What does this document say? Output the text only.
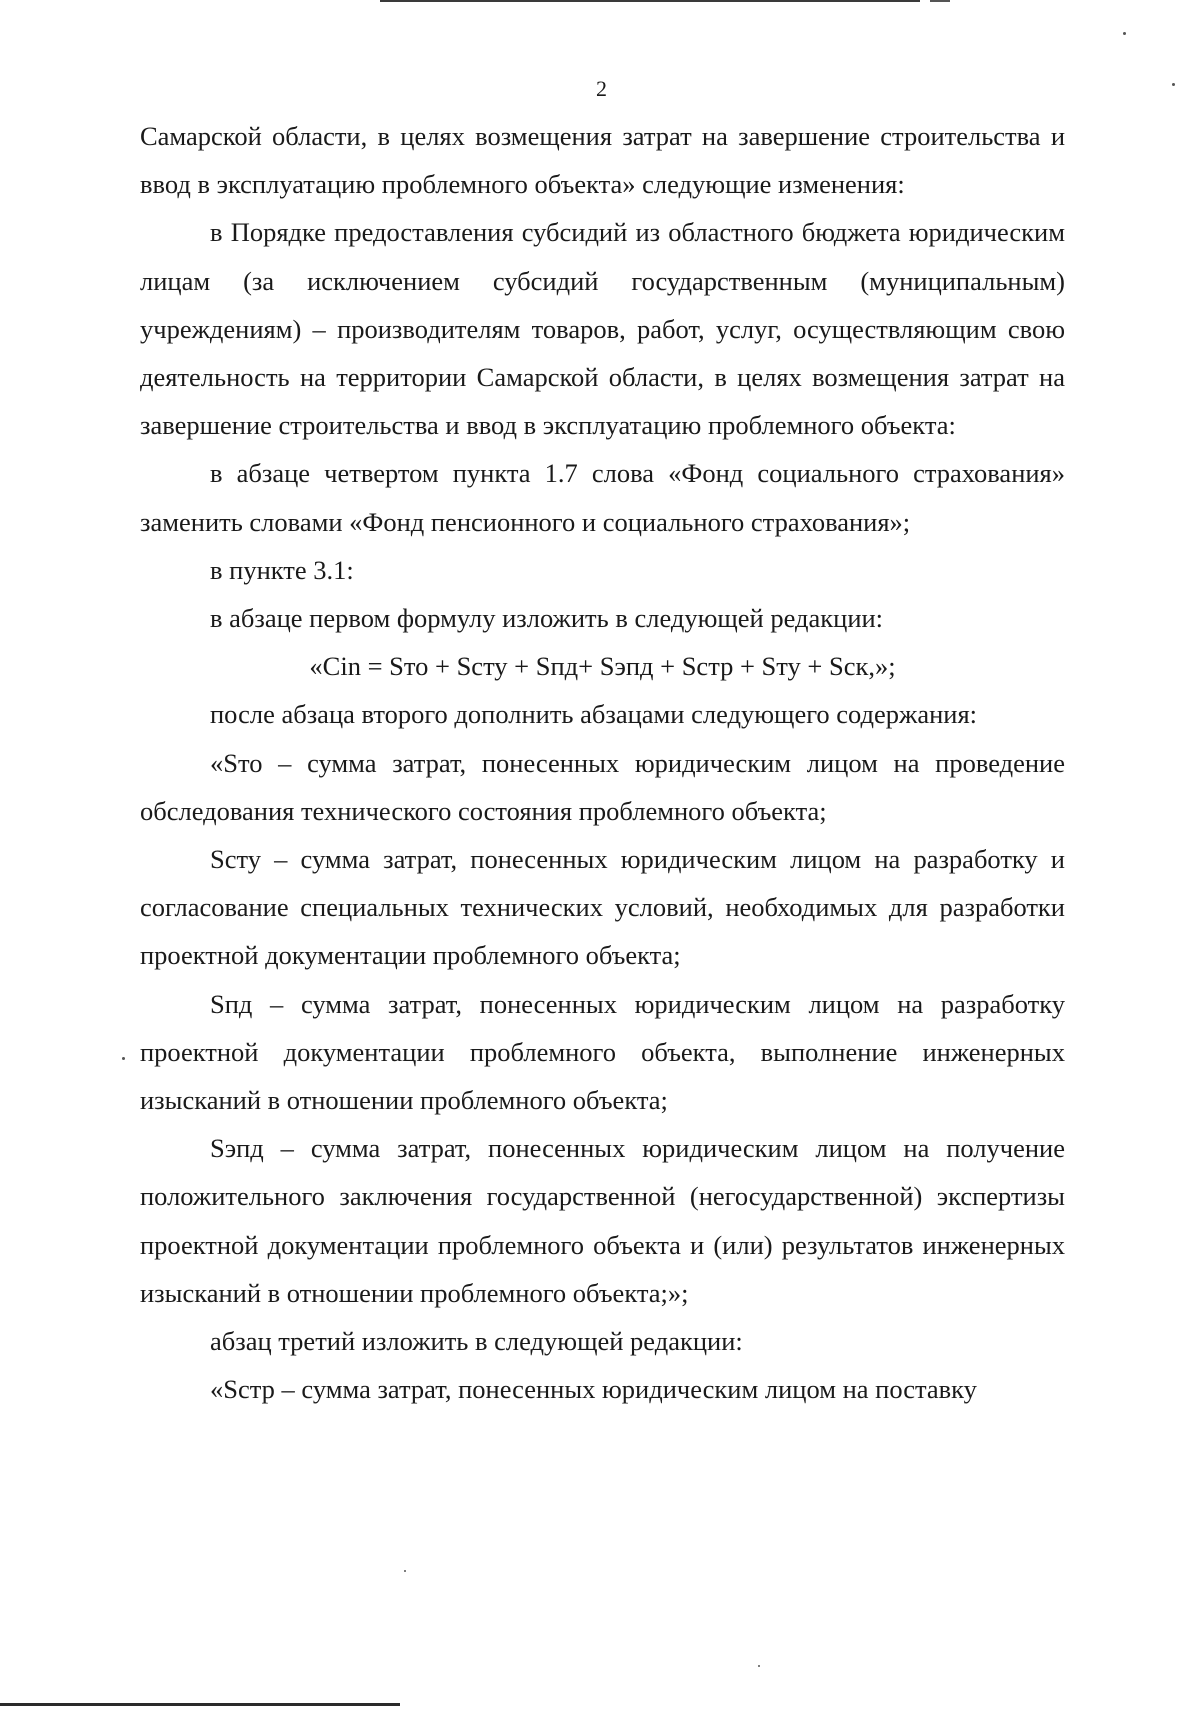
2

Самарской области, в целях возмещения затрат на завершение строительства и ввод в эксплуатацию проблемного объекта» следующие изменения:

в Порядке предоставления субсидий из областного бюджета юридическим лицам (за исключением субсидий государственным (муниципальным) учреждениям) – производителям товаров, работ, услуг, осуществляющим свою деятельность на территории Самарской области, в целях возмещения затрат на завершение строительства и ввод в эксплуатацию проблемного объекта:

в абзаце четвертом пункта 1.7 слова «Фонд социального страхования» заменить словами «Фонд пенсионного и социального страхования»;

в пункте 3.1:

в абзаце первом формулу изложить в следующей редакции:

«Cin = Sто + Sсту + Sпд+ Sэпд + Sстр + Sту + Sск,»;

после абзаца второго дополнить абзацами следующего содержания:

«Sто – сумма затрат, понесенных юридическим лицом на проведение обследования технического состояния проблемного объекта;

Sсту – сумма затрат, понесенных юридическим лицом на разработку и согласование специальных технических условий, необходимых для разработки проектной документации проблемного объекта;

Sпд – сумма затрат, понесенных юридическим лицом на разработку проектной документации проблемного объекта, выполнение инженерных изысканий в отношении проблемного объекта;

Sэпд – сумма затрат, понесенных юридическим лицом на получение положительного заключения государственной (негосударственной) экспертизы проектной документации проблемного объекта и (или) результатов инженерных изысканий в отношении проблемного объекта;»;

абзац третий изложить в следующей редакции:

«Sстр – сумма затрат, понесенных юридическим лицом на поставку
